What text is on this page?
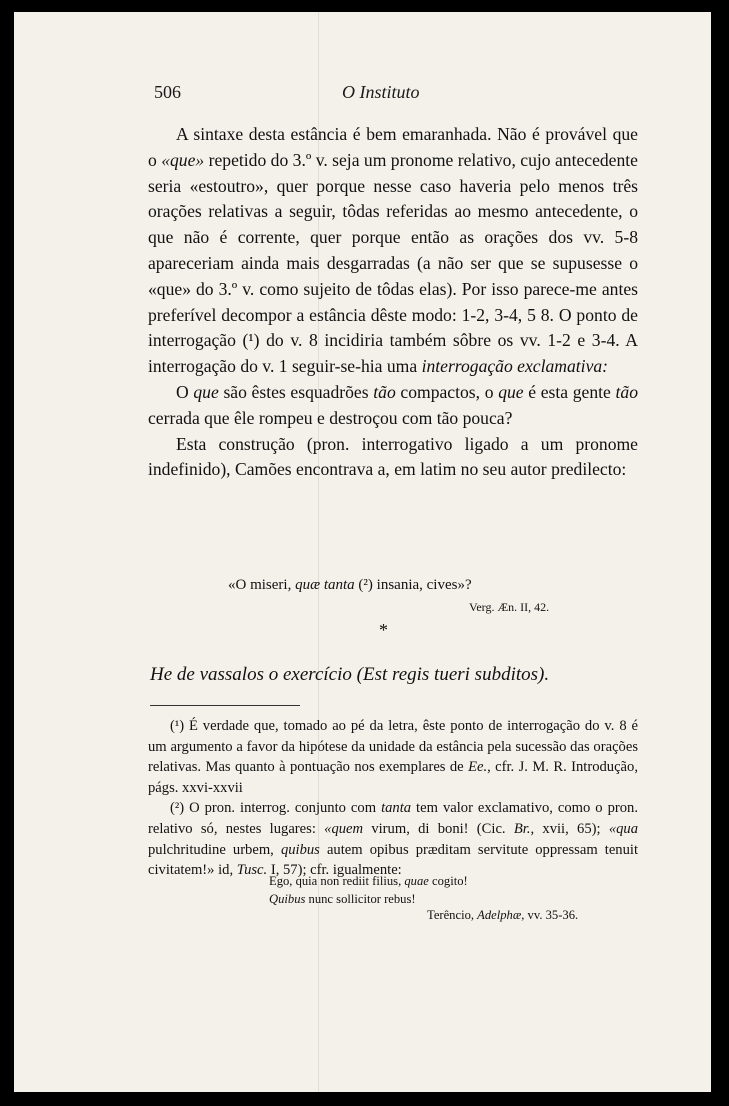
506	O Instituto

A sintaxe desta estância é bem emaranhada. Não é provável que o «que» repetido do 3.º v. seja um pronome relativo, cujo antecedente seria «estoutro», quer porque nesse caso haveria pelo menos três orações relativas a seguir, tôdas referidas ao mesmo antecedente, o que não é corrente, quer porque então as orações dos vv. 5-8 apareceriam ainda mais desgarradas (a não ser que se supusesse o «que» do 3.º v. como sujeito de tôdas elas). Por isso parece-me antes preferível decompor a estância dêste modo: 1-2, 3-4, 5 8. O ponto de interrogação (¹) do v. 8 incidiria também sôbre os vv. 1-2 e 3-4. A interrogação do v. 1 seguir-se-hia uma interrogação exclamativa:

O que são êstes esquadrões tão compactos, o que é esta gente tão cerrada que êle rompeu e destroçou com tão pouca?

Esta construção (pron. interrogativo ligado a um pronome indefinido), Camões encontrava a, em latim no seu autor predilecto:

«O miseri, quæ tanta (²) insania, cives»?
Verg. Æn. II, 42.
*
He de vassalos o exercício (Est regis tueri subditos).

(¹) É verdade que, tomado ao pé da letra, êste ponto de interrogação do v. 8 é um argumento a favor da hipótese da unidade da estância pela sucessão das orações relativas. Mas quanto à pontuação nos exemplares de Ee., cfr. J. M. R. Introdução, págs. xxvi-xxvii

(²) O pron. interrog. conjunto com tanta tem valor exclamativo, como o pron. relativo só, nestes lugares: «quem virum, di boni! (Cic. Br., xvii, 65); «qua pulchritudine urbem, quibus autem opibus præditam servitute oppressam tenuit civitatem!» id, Tusc. I, 57); cfr. igualmente:

Ego, quia non rediit filius, quae cogito!
Quibus nunc sollicitor rebus!
Terêncio, Adelphæ, vv. 35-36.
